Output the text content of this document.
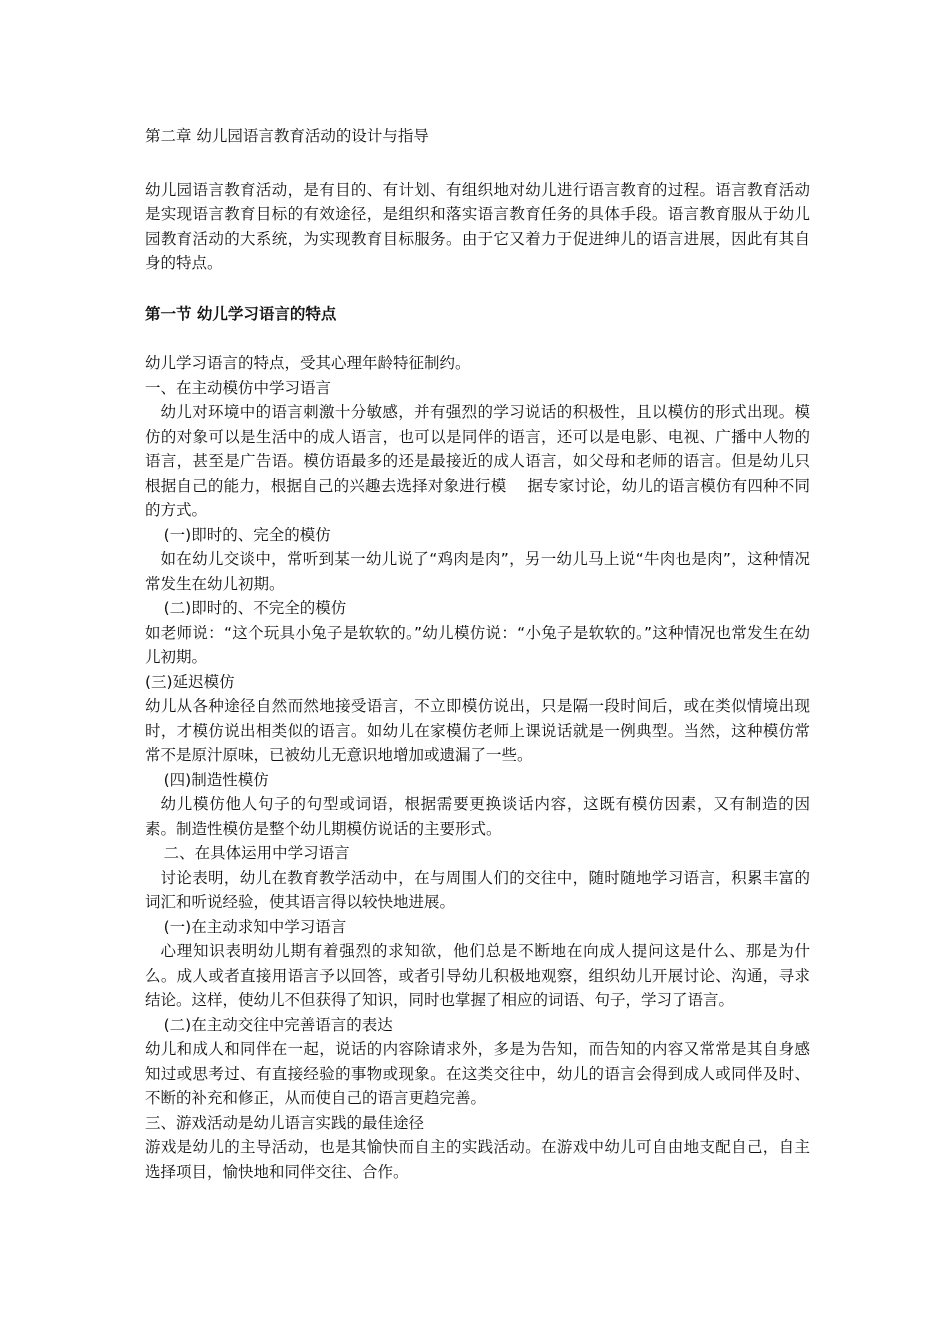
第二章 幼儿园语言教育活动的设计与指导

幼儿园语言教育活动，是有目的、有计划、有组织地对幼儿进行语言教育的过程。语言教育活动是实现语言教育目标的有效途径，是组织和落实语言教育任务的具体手段。语言教育服从于幼儿园教育活动的大系统，为实现教育目标服务。由于它又着力于促进绅儿的语言进展，因此有其自身的特点。

第一节 幼儿学习语言的特点

幼儿学习语言的特点，受其心理年龄特征制约。

一、在主动模仿中学习语言

幼儿对环境中的语言刺激十分敏感，并有强烈的学习说话的积极性，且以模仿的形式出现。模仿的对象可以是生活中的成人语言，也可以是同伴的语言，还可以是电影、电视、广播中人物的语言，甚至是广告语。模仿语最多的还是最接近的成人语言，如父母和老师的语言。但是幼儿只根据自己的能力，根据自己的兴趣去选择对象进行模　 据专家讨论，幼儿的语言模仿有四种不同的方式。

(一)即时的、完全的模仿

如在幼儿交谈中，常听到某一幼儿说了“鸡肉是肉”，另一幼儿马上说“牛肉也是肉”，这种情况常发生在幼儿初期。

(二)即时的、不完全的模仿

如老师说：“这个玩具小兔子是软软的。”幼儿模仿说：“小兔子是软软的。”这种情况也常发生在幼儿初期。

(三)延迟模仿

幼儿从各种途径自然而然地接受语言，不立即模仿说出，只是隔一段时间后，或在类似情境出现时，才模仿说出相类似的语言。如幼儿在家模仿老师上课说话就是一例典型。当然，这种模仿常常不是原汁原味，已被幼儿无意识地增加或遗漏了一些。

(四)制造性模仿

幼儿模仿他人句子的句型或词语，根据需要更换谈话内容，这既有模仿因素，又有制造的因素。制造性模仿是整个幼儿期模仿说话的主要形式。

二、在具体运用中学习语言

讨论表明，幼儿在教育教学活动中，在与周围人们的交往中，随时随地学习语言，积累丰富的词汇和听说经验，使其语言得以较快地进展。

(一)在主动求知中学习语言

心理知识表明幼儿期有着强烈的求知欲，他们总是不断地在向成人提问这是什么、那是为什么。成人或者直接用语言予以回答，或者引导幼儿积极地观察，组织幼儿开展讨论、沟通，寻求结论。这样，使幼儿不但获得了知识，同时也掌握了相应的词语、句子，学习了语言。

(二)在主动交往中完善语言的表达

幼儿和成人和同伴在一起，说话的内容除请求外，多是为告知，而告知的内容又常常是其自身感知过或思考过、有直接经验的事物或现象。在这类交往中，幼儿的语言会得到成人或同伴及时、不断的补充和修正，从而使自己的语言更趋完善。

三、游戏活动是幼儿语言实践的最佳途径

游戏是幼儿的主导活动，也是其愉快而自主的实践活动。在游戏中幼儿可自由地支配自己，自主选择项目，愉快地和同伴交往、合作。
